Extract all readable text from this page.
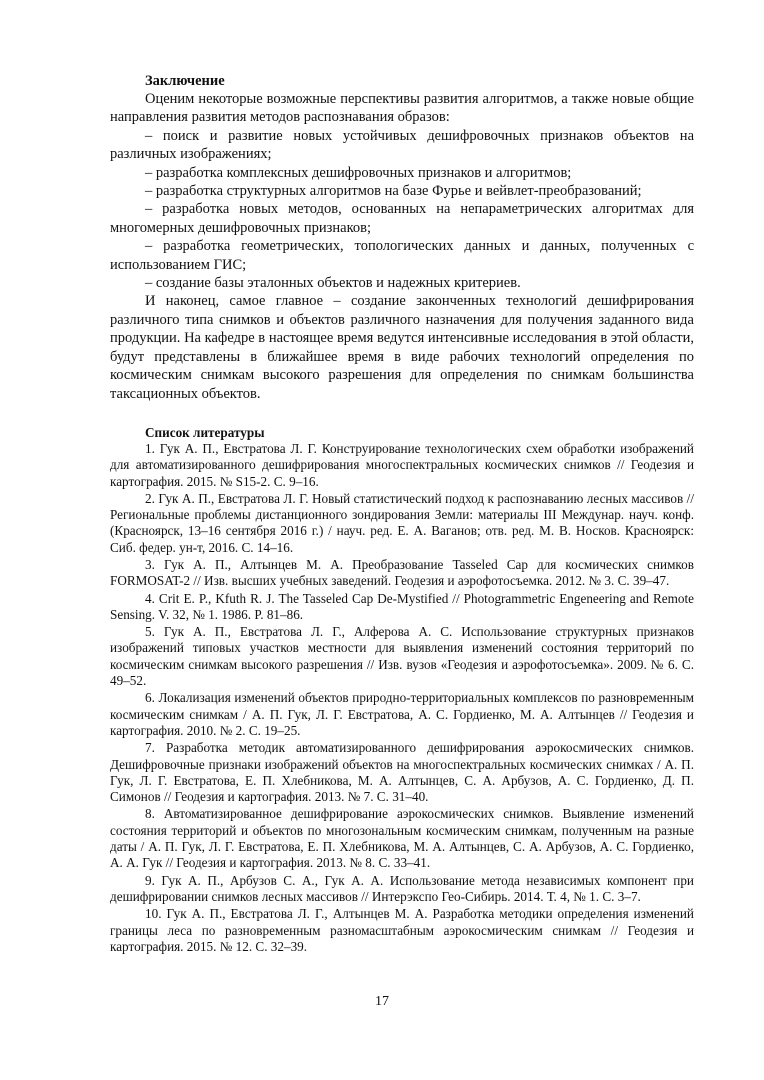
Заключение

Оценим некоторые возможные перспективы развития алгоритмов, а также новые общие направления развития методов распознавания образов:

– поиск и развитие новых устойчивых дешифровочных признаков объектов на различных изображениях;
– разработка комплексных дешифровочных признаков и алгоритмов;
– разработка структурных алгоритмов на базе Фурье и вейвлет-преобразований;
– разработка новых методов, основанных на непараметрических алгоритмах для многомерных дешифровочных признаков;
– разработка геометрических, топологических данных и данных, полученных с использованием ГИС;
– создание базы эталонных объектов и надежных критериев.

И наконец, самое главное – создание законченных технологий дешифрирования различного типа снимков и объектов различного назначения для получения заданного вида продукции. На кафедре в настоящее время ведутся интенсивные исследования в этой области, будут представлены в ближайшее время в виде рабочих технологий определения по космическим снимкам высокого разрешения для определения по снимкам большинства таксационных объектов.

Список литературы

1. Гук А. П., Евстратова Л. Г. Конструирование технологических схем обработки изображений для автоматизированного дешифрирования многоспектральных космических снимков // Геодезия и картография. 2015. № S15-2. С. 9–16.

2. Гук А. П., Евстратова Л. Г. Новый статистический подход к распознаванию лесных массивов // Региональные проблемы дистанционного зондирования Земли: материалы III Междунар. науч. конф. (Красноярск, 13–16 сентября 2016 г.) / науч. ред. Е. А. Ваганов; отв. ред. М. В. Носков. Красноярск: Сиб. федер. ун-т, 2016. С. 14–16.

3. Гук А. П., Алтынцев М. А. Преобразование Tasseled Cap для космических снимков FORMOSAT-2 // Изв. высших учебных заведений. Геодезия и аэрофотосъемка. 2012. № 3. С. 39–47.

4. Crit E. P., Kfuth R. J. The Tasseled Cap De-Mystified // Photogrammetric Engeneering and Remote Sensing. V. 32, № 1. 1986. P. 81–86.

5. Гук А. П., Евстратова Л. Г., Алферова А. С. Использование структурных признаков изображений типовых участков местности для выявления изменений состояния территорий по космическим снимкам высокого разрешения // Изв. вузов «Геодезия и аэрофотосъемка». 2009. № 6. С. 49–52.

6. Локализация изменений объектов природно-территориальных комплексов по разновременным космическим снимкам / А. П. Гук, Л. Г. Евстратова, А. С. Гордиенко, М. А. Алтынцев // Геодезия и картография. 2010. № 2. С. 19–25.

7. Разработка методик автоматизированного дешифрирования аэрокосмических снимков. Дешифровочные признаки изображений объектов на многоспектральных космических снимках / А. П. Гук, Л. Г. Евстратова, Е. П. Хлебникова, М. А. Алтынцев, С. А. Арбузов, А. С. Гордиенко, Д. П. Симонов // Геодезия и картография. 2013. № 7. С. 31–40.

8. Автоматизированное дешифрирование аэрокосмических снимков. Выявление изменений состояния территорий и объектов по многозональным космическим снимкам, полученным на разные даты / А. П. Гук, Л. Г. Евстратова, Е. П. Хлебникова, М. А. Алтынцев, С. А. Арбузов, А. С. Гордиенко, А. А. Гук // Геодезия и картография. 2013. № 8. С. 33–41.

9. Гук А. П., Арбузов С. А., Гук А. А. Использование метода независимых компонент при дешифрировании снимков лесных массивов // Интерэкспо Гео-Сибирь. 2014. Т. 4, № 1. С. 3–7.

10. Гук А. П., Евстратова Л. Г., Алтынцев М. А. Разработка методики определения изменений границы леса по разновременным разномасштабным аэрокосмическим снимкам // Геодезия и картография. 2015. № 12. С. 32–39.

17
